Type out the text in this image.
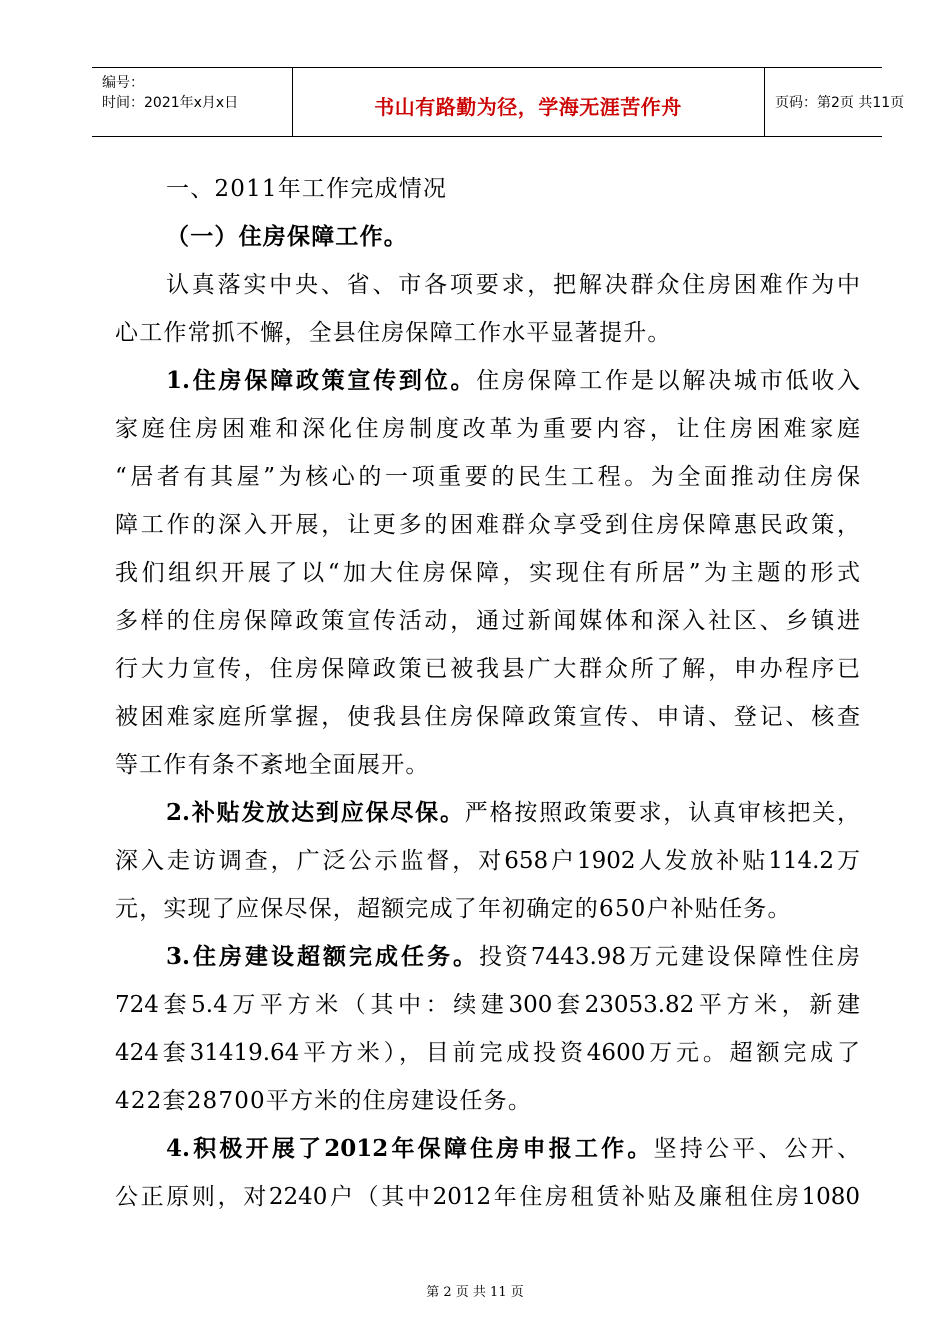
编号：
时间：2021年x月x日	书山有路勤为径，学海无涯苦作舟	页码：第2页 共11页
一、2011年工作完成情况
（一）住房保障工作。
认真落实中央、省、市各项要求，把解决群众住房困难作为中
心工作常抓不懈，全县住房保障工作水平显著提升。
1.住房保障政策宣传到位。住房保障工作是以解决城市低收入
家庭住房困难和深化住房制度改革为重要内容，让住房困难家庭
“居者有其屋”为核心的一项重要的民生工程。为全面推动住房保
障工作的深入开展，让更多的困难群众享受到住房保障惠民政策，
我们组织开展了以“加大住房保障，实现住有所居”为主题的形式
多样的住房保障政策宣传活动，通过新闻媒体和深入社区、乡镇进
行大力宣传，住房保障政策已被我县广大群众所了解，申办程序已
被困难家庭所掌握，使我县住房保障政策宣传、申请、登记、核查
等工作有条不紊地全面展开。
2.补贴发放达到应保尽保。严格按照政策要求，认真审核把关，
深入走访调查，广泛公示监督，对658户1902人发放补贴114.2万
元，实现了应保尽保，超额完成了年初确定的650户补贴任务。
3.住房建设超额完成任务。投资7443.98万元建设保障性住房
724套5.4万平方米（其中：续建300套23053.82平方米，新建
424套31419.64平方米），目前完成投资4600万元。超额完成了
422套28700平方米的住房建设任务。
4.积极开展了2012年保障住房申报工作。坚持公平、公开、
公正原则，对2240户（其中2012年住房租赁补贴及廉租住房1080
第 2 页 共 11 页
